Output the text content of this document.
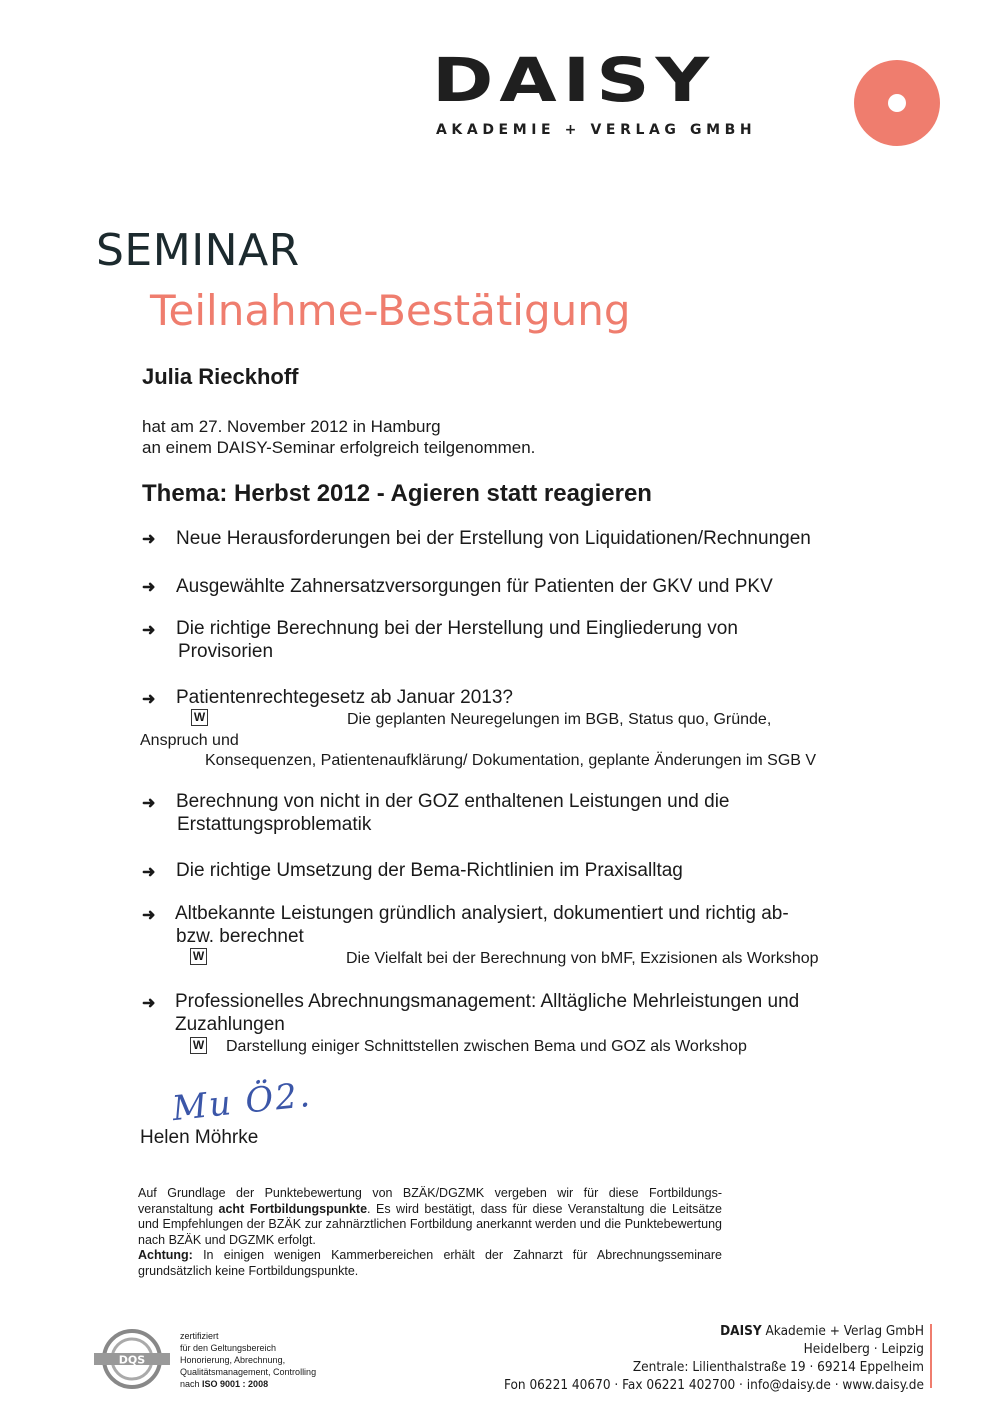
DAISY
AKADEMIE + VERLAG GMBH
SEMINAR
Teilnahme-Bestätigung
Julia Rieckhoff
hat am 27. November 2012 in Hamburg
an einem DAISY-Seminar erfolgreich teilgenommen.
Thema: Herbst 2012 - Agieren statt reagieren
➜ Neue Herausforderungen bei der Erstellung von Liquidationen/Rechnungen
➜ Ausgewählte Zahnersatzversorgungen für Patienten der GKV und PKV
➜ Die richtige Berechnung bei der Herstellung und Eingliederung von
Provisorien
➜ Patientenrechtegesetz ab Januar 2013?
W	Die geplanten Neuregelungen im BGB, Status quo, Gründe,
Anspruch und
Konsequenzen, Patientenaufklärung/ Dokumentation, geplante Änderungen im SGB V
➜ Berechnung von nicht in der GOZ enthaltenen Leistungen und die
Erstattungsproblematik
➜ Die richtige Umsetzung der Bema-Richtlinien im Praxisalltag
➜ Altbekannte Leistungen gründlich analysiert, dokumentiert und richtig ab-
bzw. berechnet
W	Die Vielfalt bei der Berechnung von bMF, Exzisionen als Workshop
➜ Professionelles Abrechnungsmanagement: Alltägliche Mehrleistungen und
Zuzahlungen
W Darstellung einiger Schnittstellen zwischen Bema und GOZ als Workshop
Mu Ö2.
Helen Möhrke
Auf Grundlage der Punktebewertung von BZÄK/DGZMK vergeben wir für diese Fortbildungs-veranstaltung acht Fortbildungspunkte. Es wird bestätigt, dass für diese Veranstaltung die Leitsätze und Empfehlungen der BZÄK zur zahnärztlichen Fortbildung anerkannt werden und die Punktebewertung nach BZÄK und DGZMK erfolgt.
Achtung: In einigen wenigen Kammerbereichen erhält der Zahnarzt für Abrechnungsseminare grundsätzlich keine Fortbildungspunkte.
DQS
zertifiziert
für den Geltungsbereich
Honorierung, Abrechnung,
Qualitätsmanagement, Controlling
nach ISO 9001 : 2008
DAISY Akademie + Verlag GmbH
Heidelberg · Leipzig
Zentrale: Lilienthalstraße 19 · 69214 Eppelheim
Fon 06221 40670 · Fax 06221 402700 · info@daisy.de · www.daisy.de
